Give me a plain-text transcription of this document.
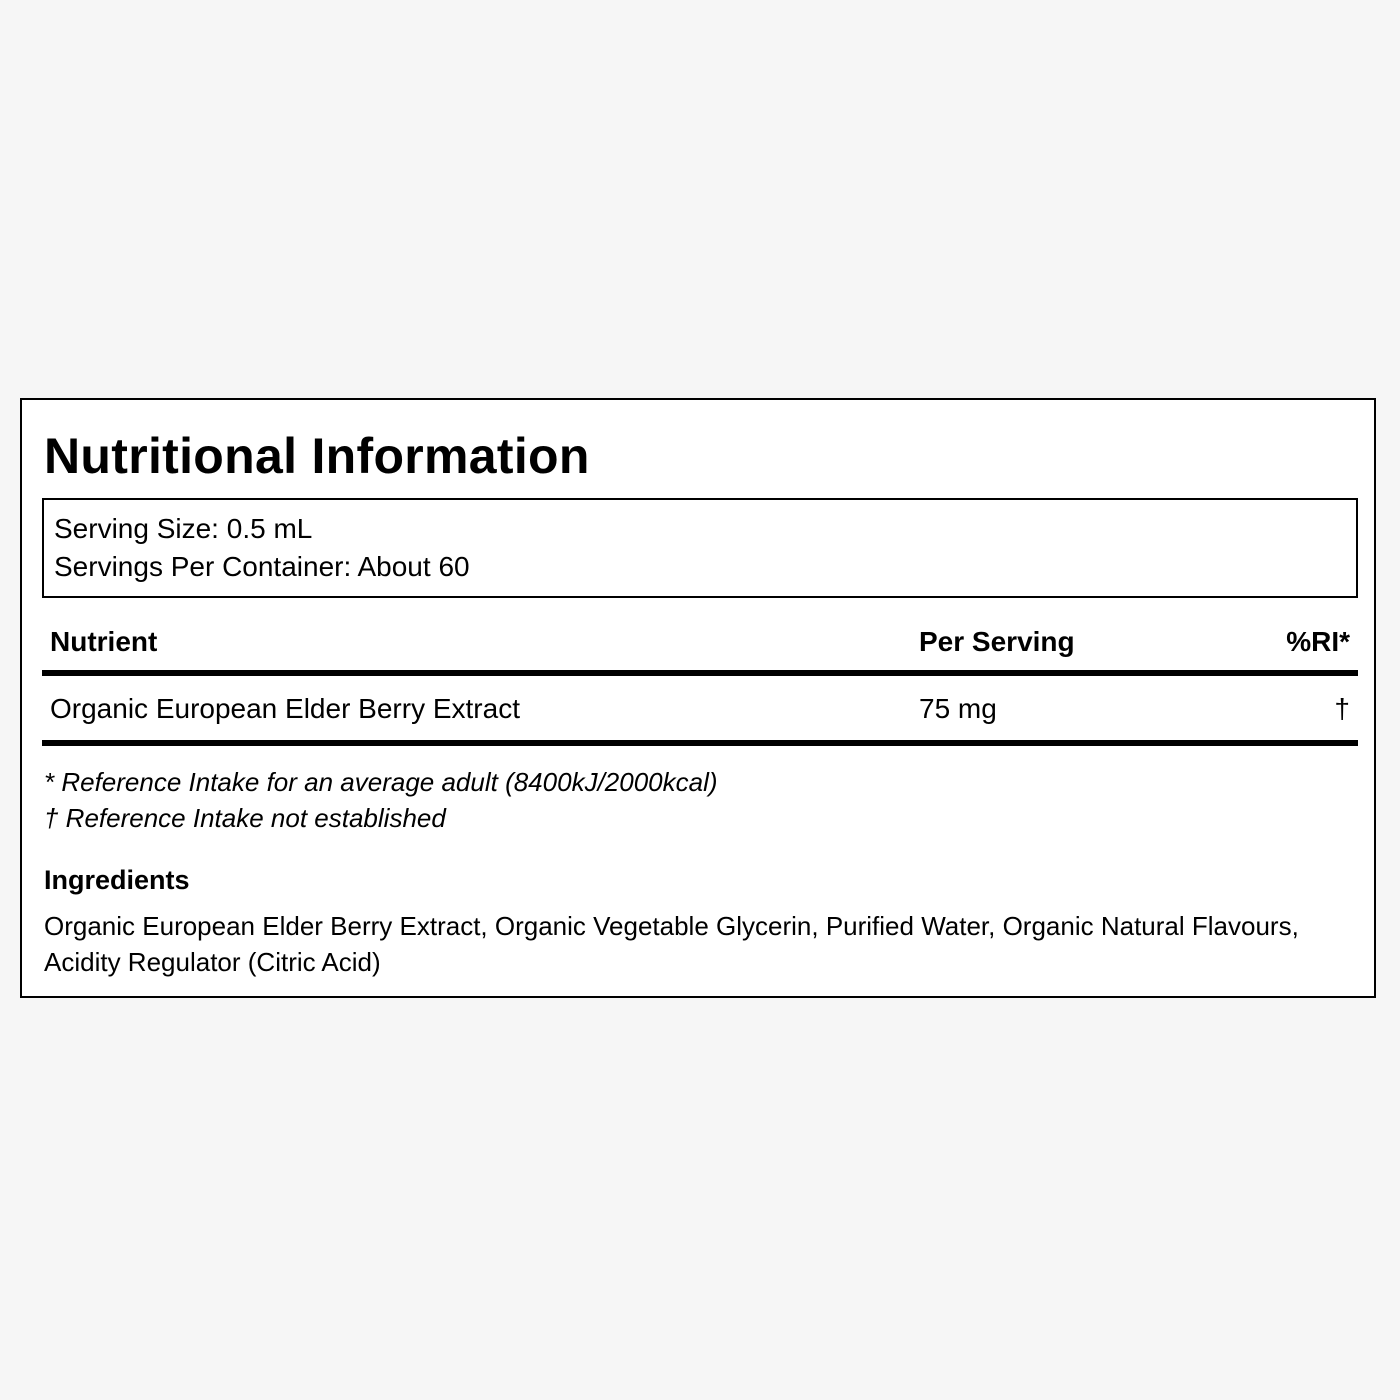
Nutritional Information
Serving Size: 0.5 mL
Servings Per Container: About 60
Nutrient	Per Serving	%RI*
Organic European Elder Berry Extract	75 mg	†
* Reference Intake for an average adult (8400kJ/2000kcal)
† Reference Intake not established
Ingredients
Organic European Elder Berry Extract, Organic Vegetable Glycerin, Purified Water, Organic Natural Flavours, Acidity Regulator (Citric Acid)
